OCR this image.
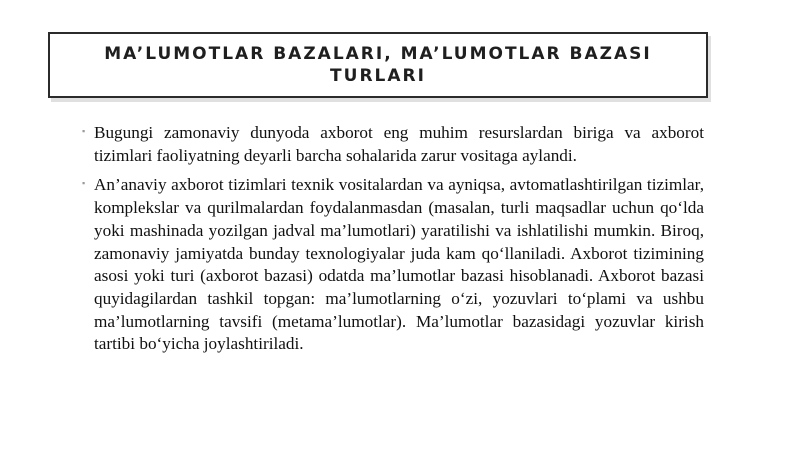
MA’LUMOTLAR BAZALARI, MA’LUMOTLAR BAZASI TURLARI

▪ Bugungi zamonaviy dunyoda axborot eng muhim resurslardan biriga va axborot tizimlari faoliyatning deyarli barcha sohalarida zarur vositaga aylandi.

▪ An’anaviy axborot tizimlari texnik vositalardan va ayniqsa, avtomatlashtirilgan tizimlar, komplekslar va qurilmalardan foydalanmasdan (masalan, turli maqsadlar uchun qo‘lda yoki mashinada yozilgan jadval ma’lumotlari) yaratilishi va ishlatilishi mumkin. Biroq, zamonaviy jamiyatda bunday texnologiyalar juda kam qo‘llaniladi. Axborot tizimining asosi yoki turi (axborot bazasi) odatda ma’lumotlar bazasi hisoblanadi. Axborot bazasi quyidagilardan tashkil topgan: ma’lumotlarning o‘zi, yozuvlari to‘plami va ushbu ma’lumotlarning tavsifi (metama’lumotlar). Ma’lumotlar bazasidagi yozuvlar kirish tartibi bo‘yicha joylashtiriladi.
